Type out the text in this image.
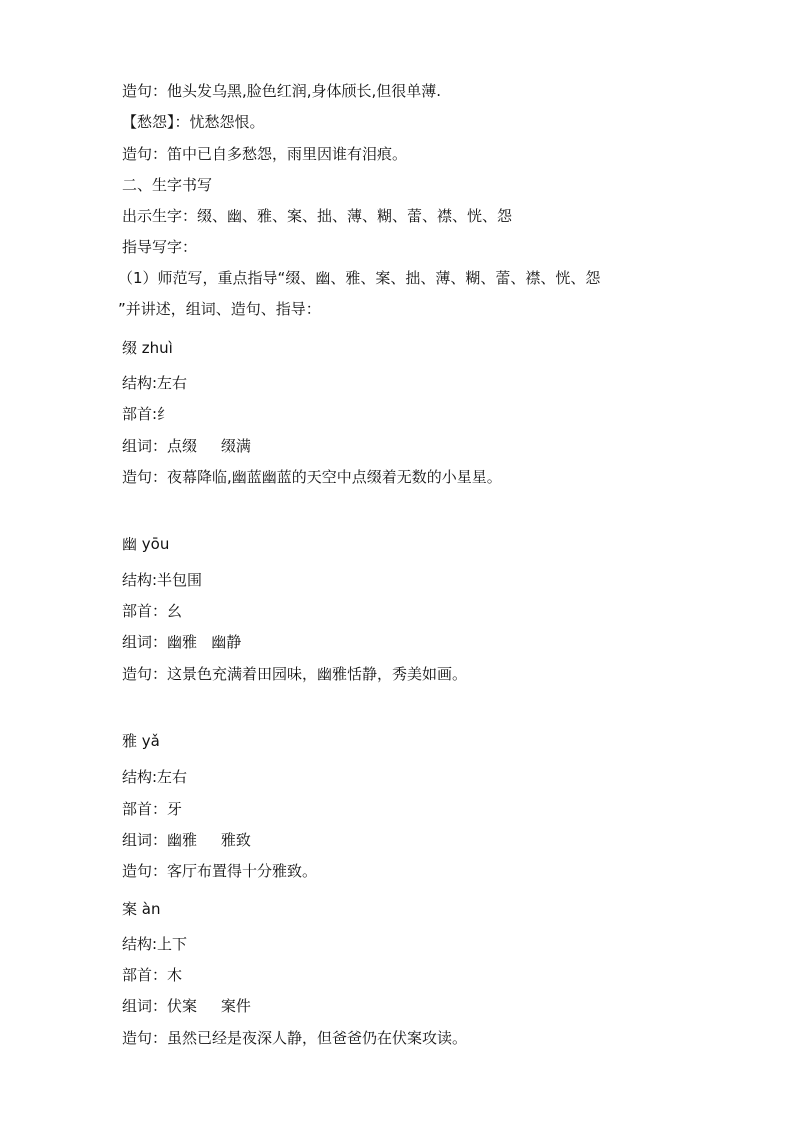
造句：他头发乌黑,脸色红润,身体颀长,但很单薄.
【愁怨】：忧愁怨恨。
造句：笛中已自多愁怨，雨里因谁有泪痕。
二、生字书写
出示生字：缀、幽、雅、案、拙、薄、糊、蕾、襟、恍、怨
指导写字：
（1）师范写，重点指导“缀、幽、雅、案、拙、薄、糊、蕾、襟、恍、怨
”并讲述，组词、造句、指导：
缀 zhuì
结构:左右
部首:纟
组词：点缀     缀满
造句：夜幕降临,幽蓝幽蓝的天空中点缀着无数的小星星。
幽 yōu
结构:半包围
部首：幺
组词：幽雅   幽静
造句：这景色充满着田园味，幽雅恬静，秀美如画。
雅 yǎ
结构:左右
部首：牙
组词：幽雅     雅致
造句：客厅布置得十分雅致。
案 àn
结构:上下
部首：木
组词：伏案     案件
造句：虽然已经是夜深人静，但爸爸仍在伏案攻读。
